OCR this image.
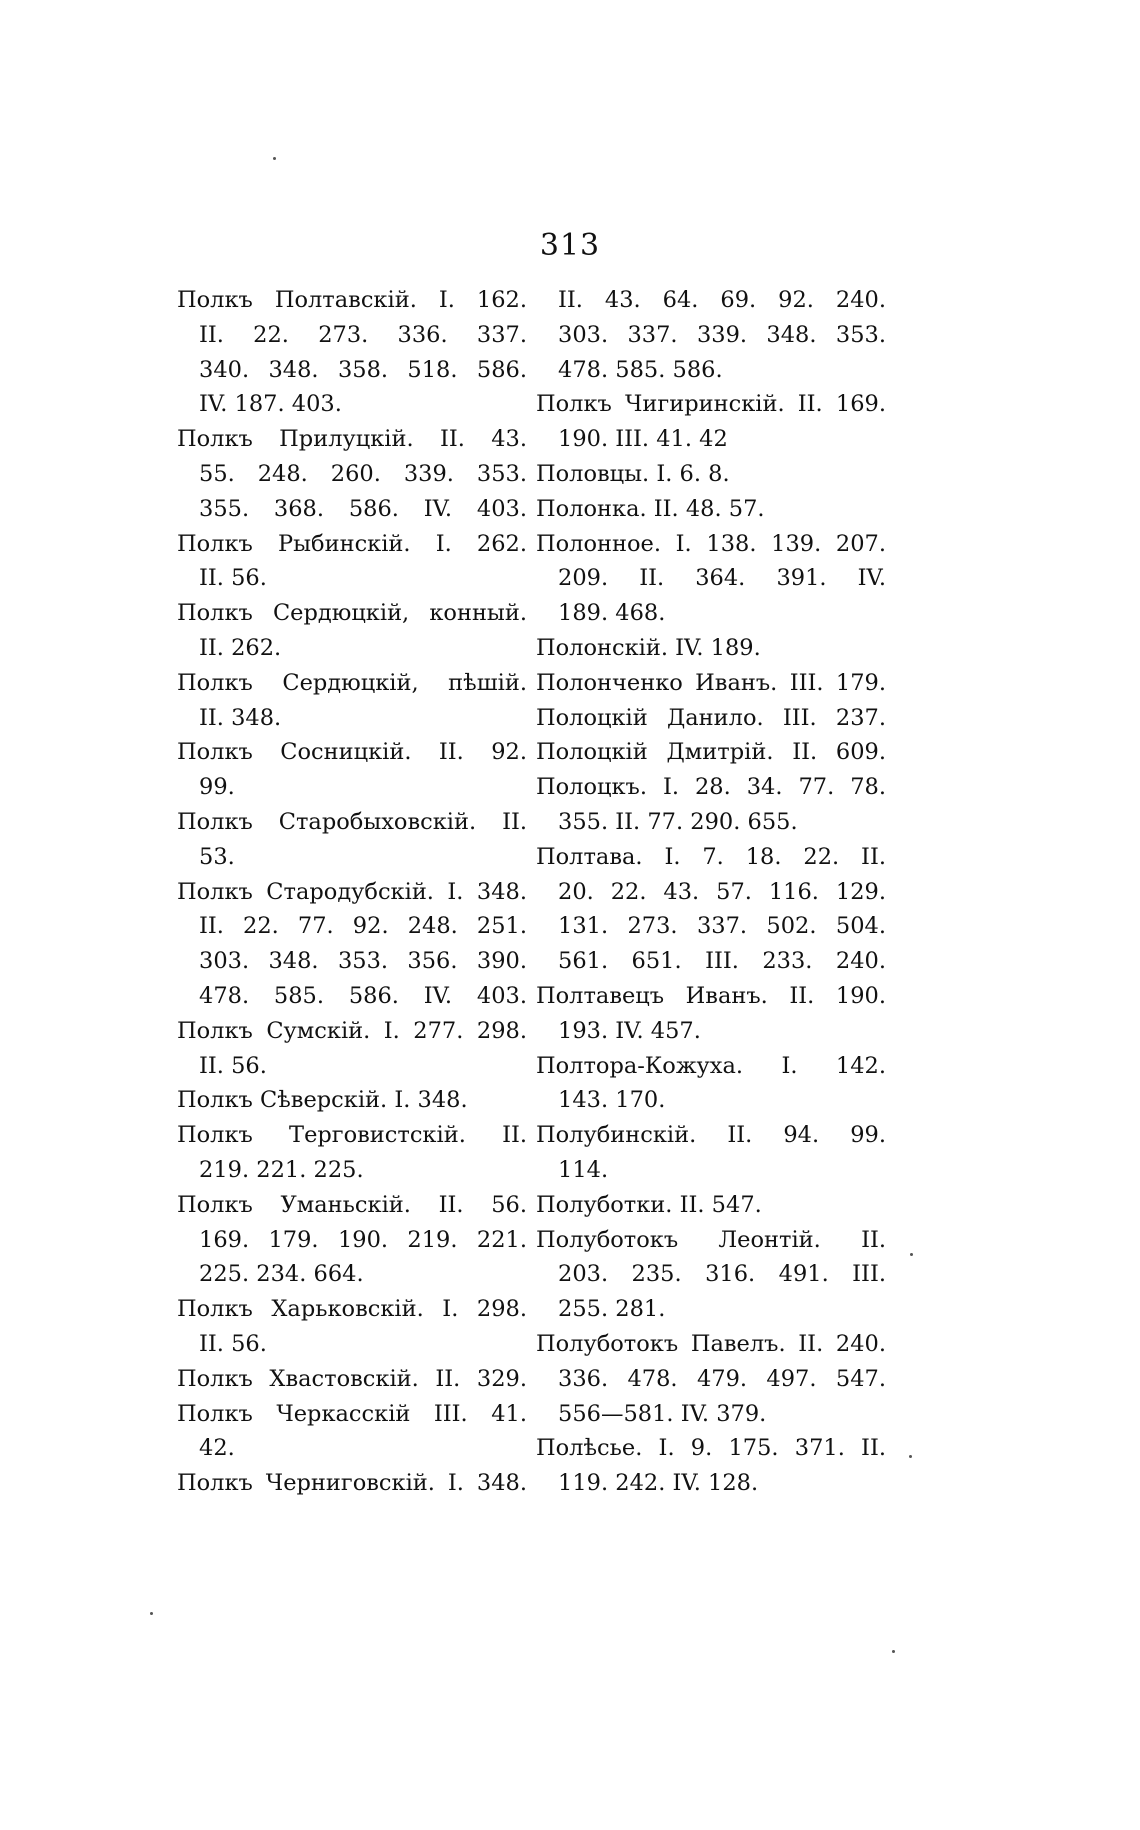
313
Полкъ Полтавскій. I. 162.
II. 22. 273. 336. 337.
340. 348. 358. 518. 586.
IV. 187. 403.
Полкъ Прилуцкій. II. 43.
55. 248. 260. 339. 353.
355. 368. 586. IV. 403.
Полкъ Рыбинскій. I. 262.
II. 56.
Полкъ Сердюцкій, конный.
II. 262.
Полкъ Сердюцкій, пѣшій.
II. 348.
Полкъ Сосницкій. II. 92.
99.
Полкъ Старобыховскій. II.
53.
Полкъ Стародубскій. I. 348.
II. 22. 77. 92. 248. 251.
303. 348. 353. 356. 390.
478. 585. 586. IV. 403.
Полкъ Сумскій. I. 277. 298.
II. 56.
Полкъ Сѣверскій. I. 348.
Полкъ Терговистскій. II.
219. 221. 225.
Полкъ Уманьскій. II. 56.
169. 179. 190. 219. 221.
225. 234. 664.
Полкъ Харьковскій. I. 298.
II. 56.
Полкъ Хвастовскій. II. 329.
Полкъ Черкасскій III. 41.
42.
Полкъ Черниговскій. I. 348.
II. 43. 64. 69. 92. 240.
303. 337. 339. 348. 353.
478. 585. 586.
Полкъ Чигиринскій. II. 169.
190. III. 41. 42
Половцы. I. 6. 8.
Полонка. II. 48. 57.
Полонное. I. 138. 139. 207.
209. II. 364. 391. IV.
189. 468.
Полонскій. IV. 189.
Полонченко Иванъ. III. 179.
Полоцкій Данило. III. 237.
Полоцкій Дмитрій. II. 609.
Полоцкъ. I. 28. 34. 77. 78.
355. II. 77. 290. 655.
Полтава. I. 7. 18. 22. II.
20. 22. 43. 57. 116. 129.
131. 273. 337. 502. 504.
561. 651. III. 233. 240.
Полтавецъ Иванъ. II. 190.
193. IV. 457.
Полтора-Кожуха. I. 142.
143. 170.
Полубинскій. II. 94. 99.
114.
Полуботки. II. 547.
Полуботокъ Леонтій. II.
203. 235. 316. 491. III.
255. 281.
Полуботокъ Павелъ. II. 240.
336. 478. 479. 497. 547.
556—581. IV. 379.
Полѣсье. I. 9. 175. 371. II.
119. 242. IV. 128.
